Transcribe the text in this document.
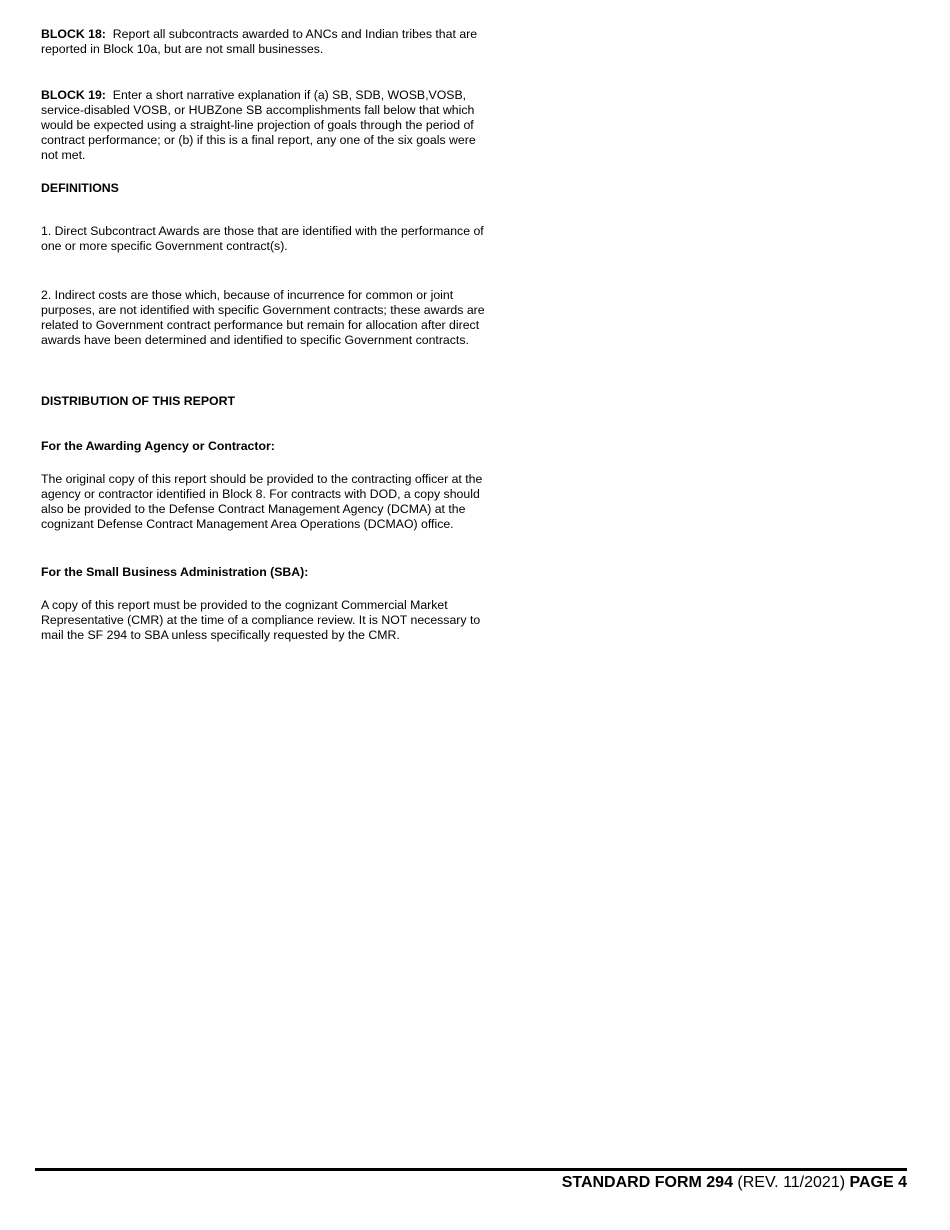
BLOCK 18: Report all subcontracts awarded to ANCs and Indian tribes that are reported in Block 10a, but are not small businesses.

BLOCK 19: Enter a short narrative explanation if (a) SB, SDB, WOSB,VOSB, service-disabled VOSB, or HUBZone SB accomplishments fall below that which would be expected using a straight-line projection of goals through the period of contract performance; or (b) if this is a final report, any one of the six goals were not met.

DEFINITIONS

1. Direct Subcontract Awards are those that are identified with the performance of one or more specific Government contract(s).

2. Indirect costs are those which, because of incurrence for common or joint purposes, are not identified with specific Government contracts; these awards are related to Government contract performance but remain for allocation after direct awards have been determined and identified to specific Government contracts.

DISTRIBUTION OF THIS REPORT

For the Awarding Agency or Contractor:

The original copy of this report should be provided to the contracting officer at the agency or contractor identified in Block 8. For contracts with DOD, a copy should also be provided to the Defense Contract Management Agency (DCMA) at the cognizant Defense Contract Management Area Operations (DCMAO) office.

For the Small Business Administration (SBA):

A copy of this report must be provided to the cognizant Commercial Market Representative (CMR) at the time of a compliance review. It is NOT necessary to mail the SF 294 to SBA unless specifically requested by the CMR.

STANDARD FORM 294 (REV. 11/2021) PAGE 4
